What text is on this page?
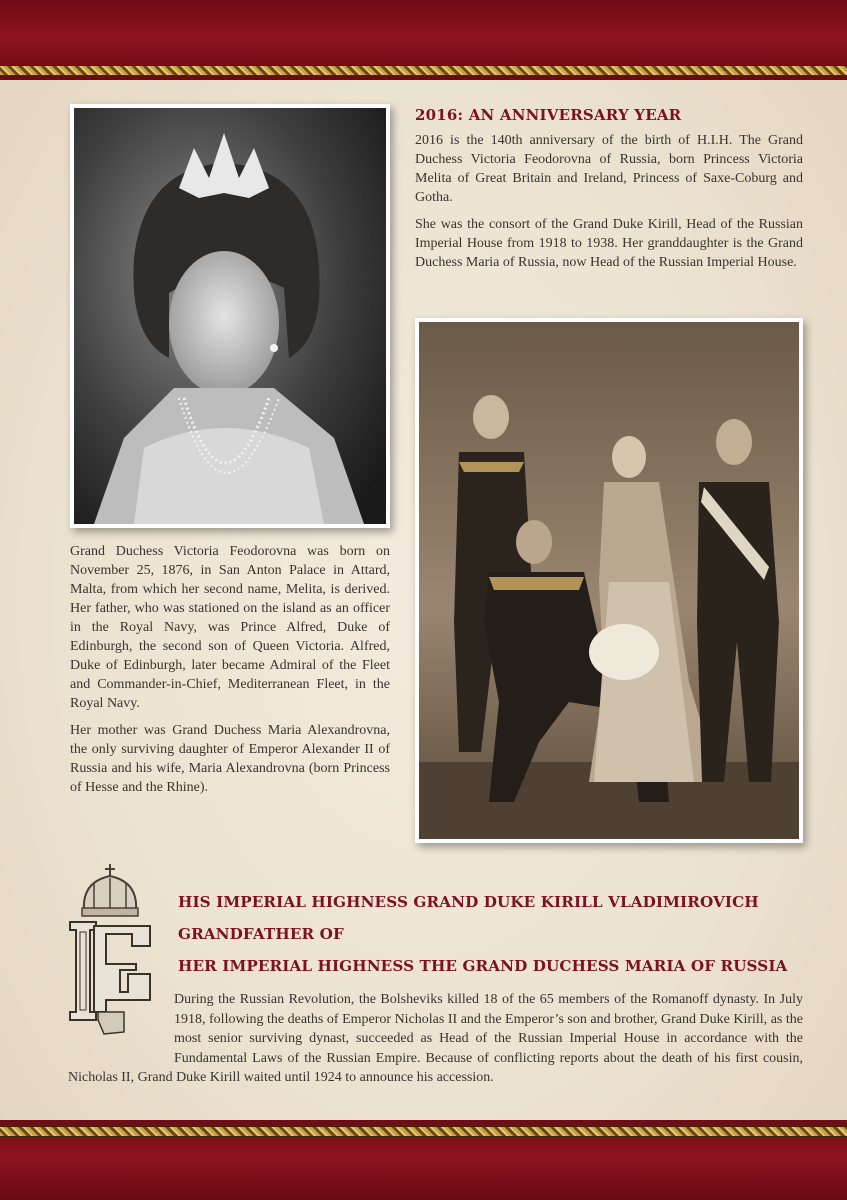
2016: AN ANNIVERSARY YEAR

2016 is the 140th anniversary of the birth of H.I.H. The Grand Duchess Victoria Feodorovna of Russia, born Princess Victoria Melita of Great Britain and Ireland, Princess of Saxe-Coburg and Gotha.

She was the consort of the Grand Duke Kirill, Head of the Russian Imperial House from 1918 to 1938. Her granddaughter is the Grand Duchess Maria of Russia, now Head of the Russian Imperial House.

Grand Duchess Victoria Feodorovna was born on November 25, 1876, in San Anton Palace in Attard, Malta, from which her second name, Melita, is derived. Her father, who was stationed on the island as an officer in the Royal Navy, was Prince Alfred, Duke of Edinburgh, the second son of Queen Victoria. Alfred, Duke of Edinburgh, later became Admiral of the Fleet and Commander-in-Chief, Mediterranean Fleet, in the Royal Navy.

Her mother was Grand Duchess Maria Alexandrovna, the only surviving daughter of Emperor Alexander II of Russia and his wife, Maria Alexandrovna (born Princess of Hesse and the Rhine).

HIS IMPERIAL HIGHNESS GRAND DUKE KIRILL VLADIMIROVICH
GRANDFATHER OF
HER IMPERIAL HIGHNESS THE GRAND DUCHESS MARIA OF RUSSIA

During the Russian Revolution, the Bolsheviks killed 18 of the 65 members of the Romanoff dynasty. In July 1918, following the deaths of Emperor Nicholas II and the Emperor’s son and brother, Grand Duke Kirill, as the most senior surviving dynast, succeeded as Head of the Russian Imperial House in accordance with the Fundamental Laws of the Russian Empire. Because of conflicting reports about the death of his first cousin, Nicholas II, Grand Duke Kirill waited until 1924 to announce his accession.
